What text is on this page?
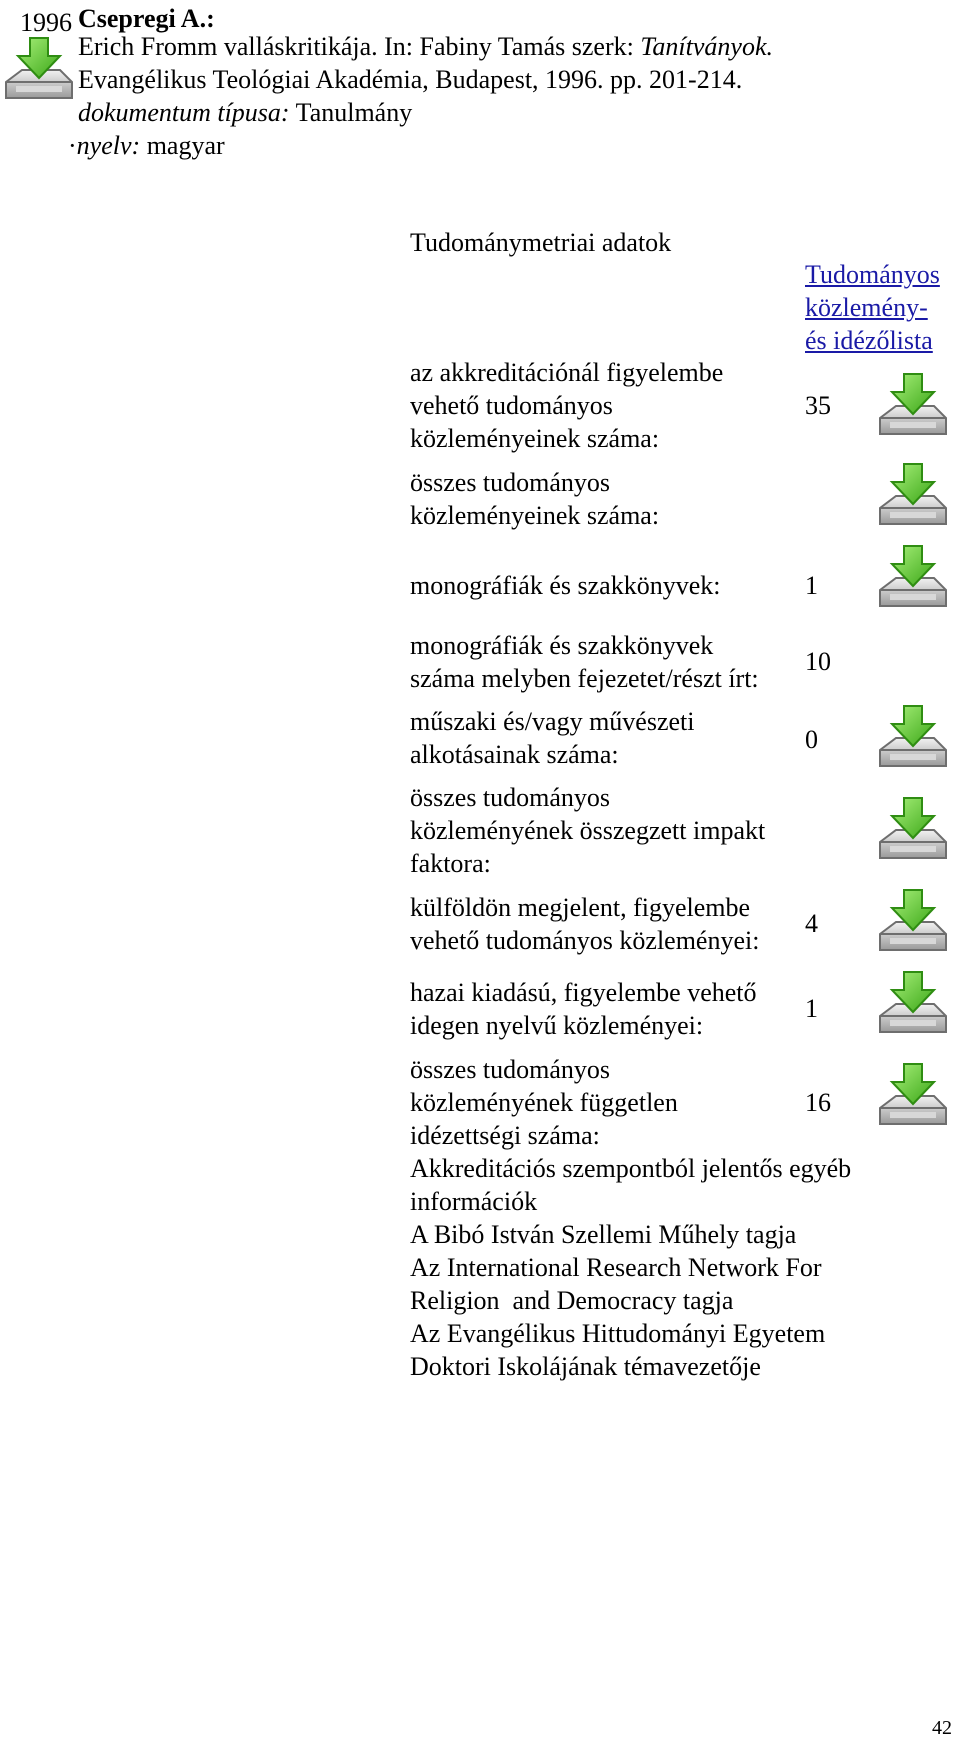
1996 Csepregi A.:
Erich Fromm valláskritikája. In: Fabiny Tamás szerk: Tanítványok.
Evangélikus Teológiai Akadémia, Budapest, 1996. pp. 201-214.
dokumentum típusa: Tanulmány
·nyelv: magyar
Tudománymetriai adatok
Tudományos
közlemény-
és idézőlista
az akkreditációnál figyelembe
vehető tudományos
közleményeinek száma:
35
összes tudományos
közleményeinek száma:
monográfiák és szakkönyvek:	1
monográfiák és szakkönyvek
száma melyben fejezetet/részt írt:
10
műszaki és/vagy művészeti
alkotásainak száma:
0
összes tudományos
közleményének összegzett impakt
faktora:
külföldön megjelent, figyelembe
vehető tudományos közleményei:
4
hazai kiadású, figyelembe vehető
idegen nyelvű közleményei:
1
összes tudományos
közleményének független
idézettségi száma:
16
Akkreditációs szempontból jelentős egyéb
információk
A Bibó István Szellemi Műhely tagja
Az International Research Network For
Religion  and Democracy tagja
Az Evangélikus Hittudományi Egyetem
Doktori Iskolájának témavezetője
42
